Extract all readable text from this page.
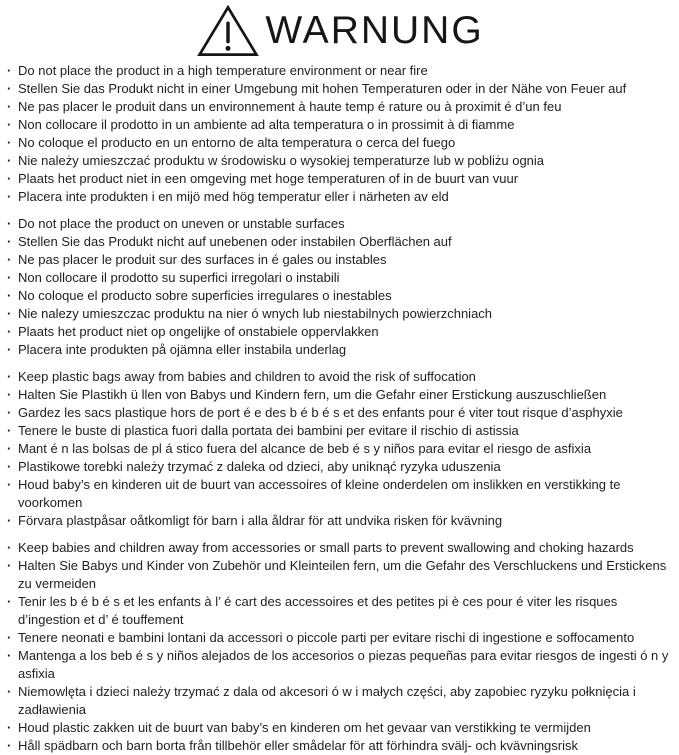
WARNUNG
· Do not place the product in a high temperature environment or near fire
· Stellen Sie das Produkt nicht in einer Umgebung mit hohen Temperaturen oder in der Nähe von Feuer auf
· Ne pas placer le produit dans un environnement à haute temp é rature ou à proximit é d’un feu
· Non collocare il prodotto in un ambiente ad alta temperatura o in prossimit à di fiamme
· No coloque el producto en un entorno de alta temperatura o cerca del fuego
· Nie należy umieszczać produktu w środowisku o wysokiej temperaturze lub w pobliżu ognia
· Plaats het product niet in een omgeving met hoge temperaturen of in de buurt van vuur
· Placera inte produkten i en mijö med hög temperatur eller i närheten av eld
· Do not place the product on uneven or unstable surfaces
· Stellen Sie das Produkt nicht auf unebenen oder instabilen Oberflächen auf
· Ne pas placer le produit sur des surfaces in é gales ou instables
· Non collocare il prodotto su superfici irregolari o instabili
· No coloque el producto sobre superficies irregulares o inestables
· Nie nalezy umieszczac produktu na nier ó wnych lub niestabilnych powierzchniach
· Plaats het product niet op ongelijke of onstabiele oppervlakken
· Placera inte produkten på ojämna eller instabila underlag
· Keep plastic bags away from babies and children to avoid the risk of suffocation
· Halten Sie Plastikh ü llen von Babys und Kindern fern, um die Gefahr einer Erstickung auszuschließen
· Gardez les sacs plastique hors de port é e des b é b é s et des enfants pour é viter tout risque d’asphyxie
· Tenere le buste di plastica fuori dalla portata dei bambini per evitare il rischio di astissia
· Mant é n las bolsas de pl á stico fuera del alcance de beb é s y niños para evitar el riesgo de asfixia
· Plastikowe torebki należy trzymać z daleka od dzieci, aby uniknąć ryzyka uduszenia
· Houd baby’s en kinderen uit de buurt van accessoires of kleine onderdelen om inslikken en verstikking te voorkomen
· Förvara plastpåsar oåtkomligt för barn i alla åldrar för att undvika risken för kvävning
· Keep babies and children away from accessories or small parts to prevent swallowing and choking hazards
· Halten Sie Babys und Kinder von Zubehör und Kleinteilen fern, um die Gefahr des Verschluckens und Erstickens zu vermeiden
· Tenir les b é b é s et les enfants à l’ é cart des accessoires et des petites pi è ces pour é viter les risques d’ingestion et d’ é touffement
· Tenere neonati e bambini lontani da accessori o piccole parti per evitare rischi di ingestione e soffocamento
· Mantenga a los beb é s y niños alejados de los accesorios o piezas pequeñas para evitar riesgos de ingesti ó n y asfixia
· Niemowlęta i dzieci należy trzymać z dala od akcesori ó w i małych części, aby zapobiec ryzyku połknięcia i zadławienia
· Houd plastic zakken uit de buurt van baby’s en kinderen om het gevaar van verstikking te vermijden
· Håll spädbarn och barn borta från tillbehör eller smådelar för att förhindra svälj- och kvävningsrisk
